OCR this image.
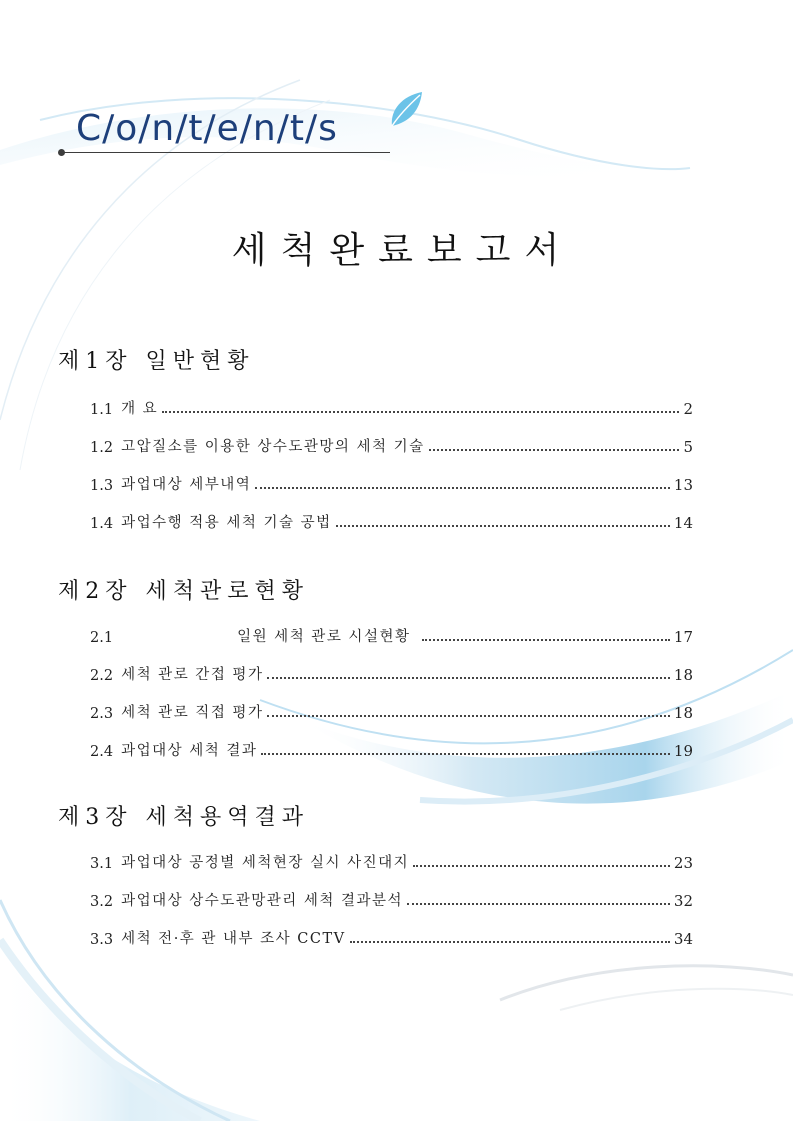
C/o/n/t/e/n/t/s
세척완료보고서
제1장 일반현황
1.1 개 요	2
1.2 고압질소를 이용한 상수도관망의 세척 기술	5
1.3 과업대상 세부내역	13
1.4 과업수행 적용 세척 기술 공법	14
제2장 세척관로현황
2.1	일원 세척 관로 시설현황	17
2.2 세척 관로 간접 평가	18
2.3 세척 관로 직접 평가	18
2.4 과업대상 세척 결과	19
제3장 세척용역결과
3.1 과업대상 공정별 세척현장 실시 사진대지	23
3.2 과업대상 상수도관망관리 세척 결과분석	32
3.3 세척 전·후 관 내부 조사 CCTV	34
